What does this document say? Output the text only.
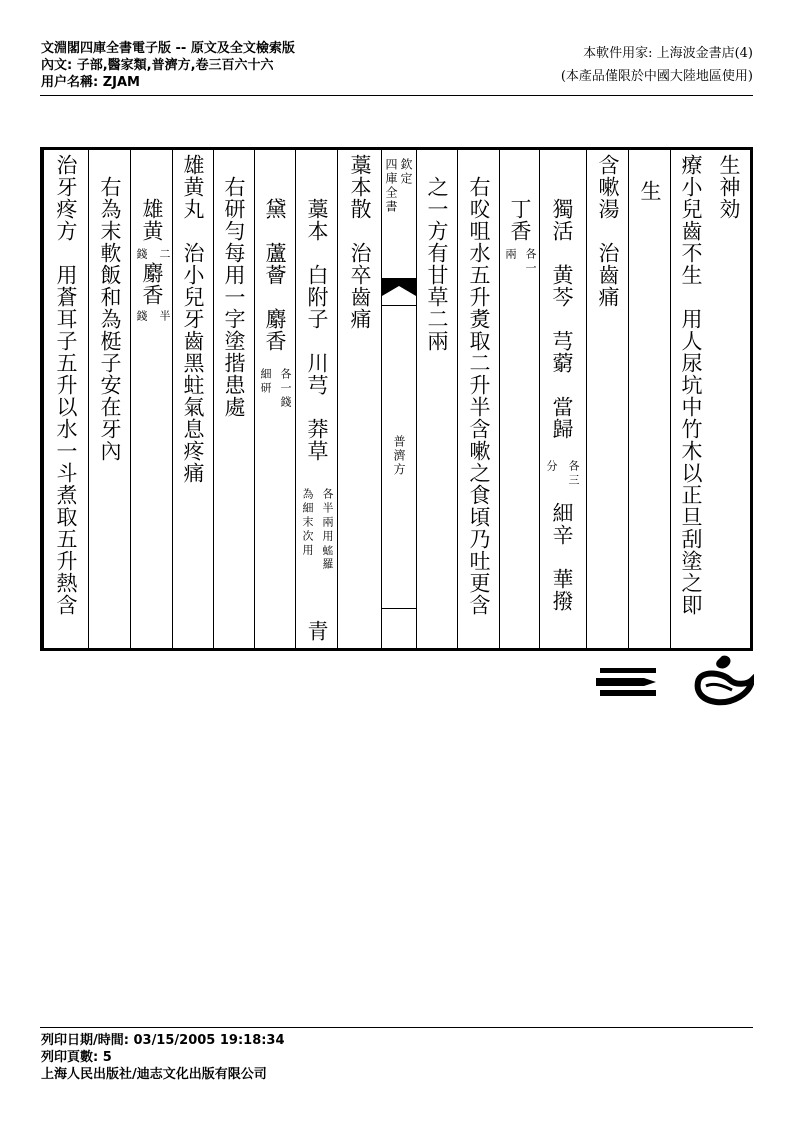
文淵閣四庫全書電子版 -- 原文及全文檢索版
內文: 子部,醫家類,普濟方,卷三百六十六
用户名稱: ZJAM
本軟件用家: 上海波金書店(4)
(本產品僅限於中國大陸地區使用)
生神効
療小兒齒不生　用人尿坑中竹木以正旦刮塗之即
生
含嗽湯　治齒痛
獨活　黄芩　芎藭　當歸
各三
分
細辛　華撥
丁香
各一
兩
右㕮咀水五升煑取二升半含嗽之食頃乃吐更含
之一方有甘草二兩
欽定
四庫全書
普濟方
藁本散　治卒齒痛
藁本　白附子　川芎　莽草
各半兩用𧎼羅
為細末次用
青
黛　蘆薈　麝香
各一錢
細研
右研勻每用一字塗揩患處
雄黄丸　治小兒牙齒黑蛀氣息疼痛
雄黄
二
錢
麝香
半
錢
右為末軟飯和為梃子安在牙內
治牙疼方　用蒼耳子五升以水一斗煮取五升熱含
列印日期/時間: 03/15/2005 19:18:34
列印頁數: 5
上海人民出版社/迪志文化出版有限公司
